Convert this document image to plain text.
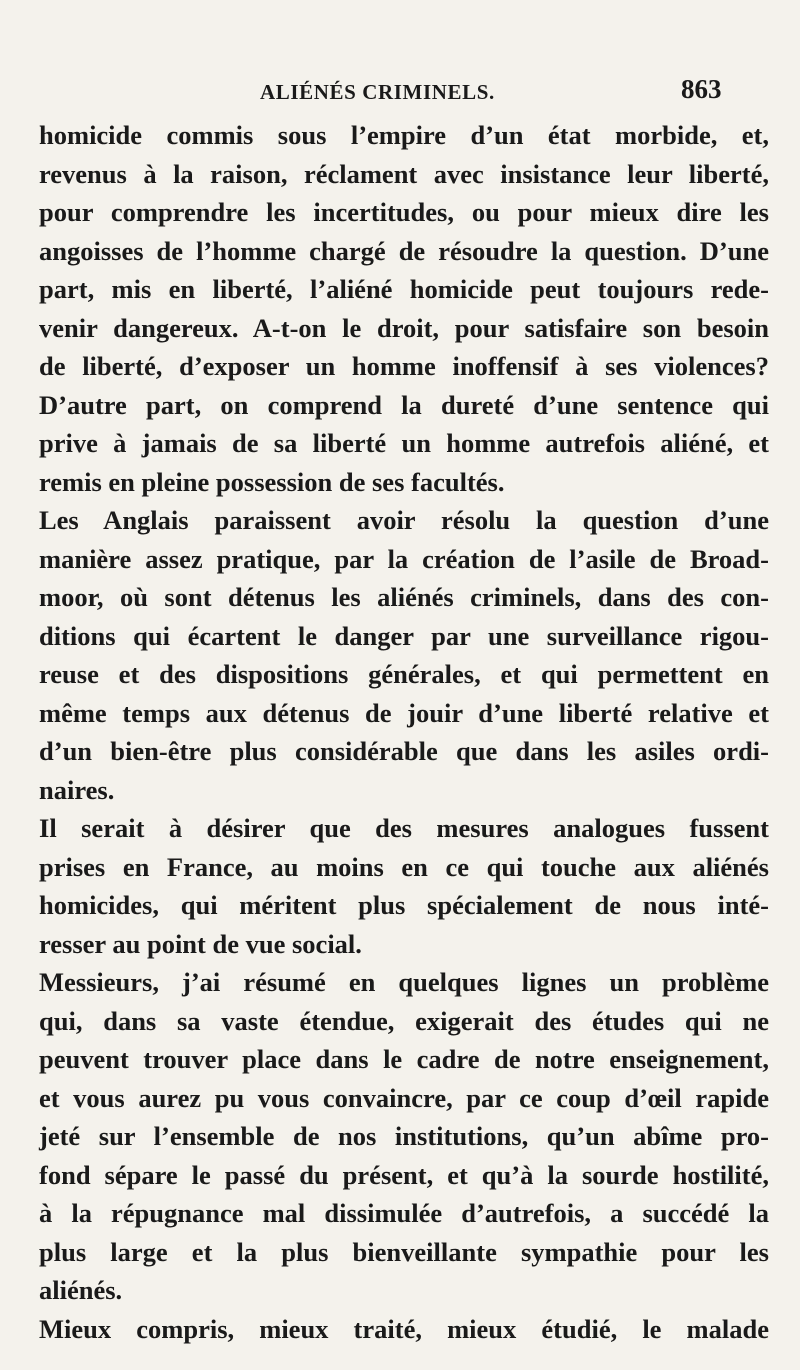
ALIÉNÉS CRIMINELS.	863
homicide commis sous l’empire d’un état morbide, et,
revenus à la raison, réclament avec insistance leur liberté,
pour comprendre les incertitudes, ou pour mieux dire les
angoisses de l’homme chargé de résoudre la question. D’une
part, mis en liberté, l’aliéné homicide peut toujours rede-
venir dangereux. A-t-on le droit, pour satisfaire son besoin
de liberté, d’exposer un homme inoffensif à ses violences?
D’autre part, on comprend la dureté d’une sentence qui
prive à jamais de sa liberté un homme autrefois aliéné, et
remis en pleine possession de ses facultés.
Les Anglais paraissent avoir résolu la question d’une
manière assez pratique, par la création de l’asile de Broad-
moor, où sont détenus les aliénés criminels, dans des con-
ditions qui écartent le danger par une surveillance rigou-
reuse et des dispositions générales, et qui permettent en
même temps aux détenus de jouir d’une liberté relative et
d’un bien-être plus considérable que dans les asiles ordi-
naires.
Il serait à désirer que des mesures analogues fussent
prises en France, au moins en ce qui touche aux aliénés
homicides, qui méritent plus spécialement de nous inté-
resser au point de vue social.
Messieurs, j’ai résumé en quelques lignes un problème
qui, dans sa vaste étendue, exigerait des études qui ne
peuvent trouver place dans le cadre de notre enseignement,
et vous aurez pu vous convaincre, par ce coup d’œil rapide
jeté sur l’ensemble de nos institutions, qu’un abîme pro-
fond sépare le passé du présent, et qu’à la sourde hostilité,
à la répugnance mal dissimulée d’autrefois, a succédé la
plus large et la plus bienveillante sympathie pour les
aliénés.
Mieux compris, mieux traité, mieux étudié, le malade
